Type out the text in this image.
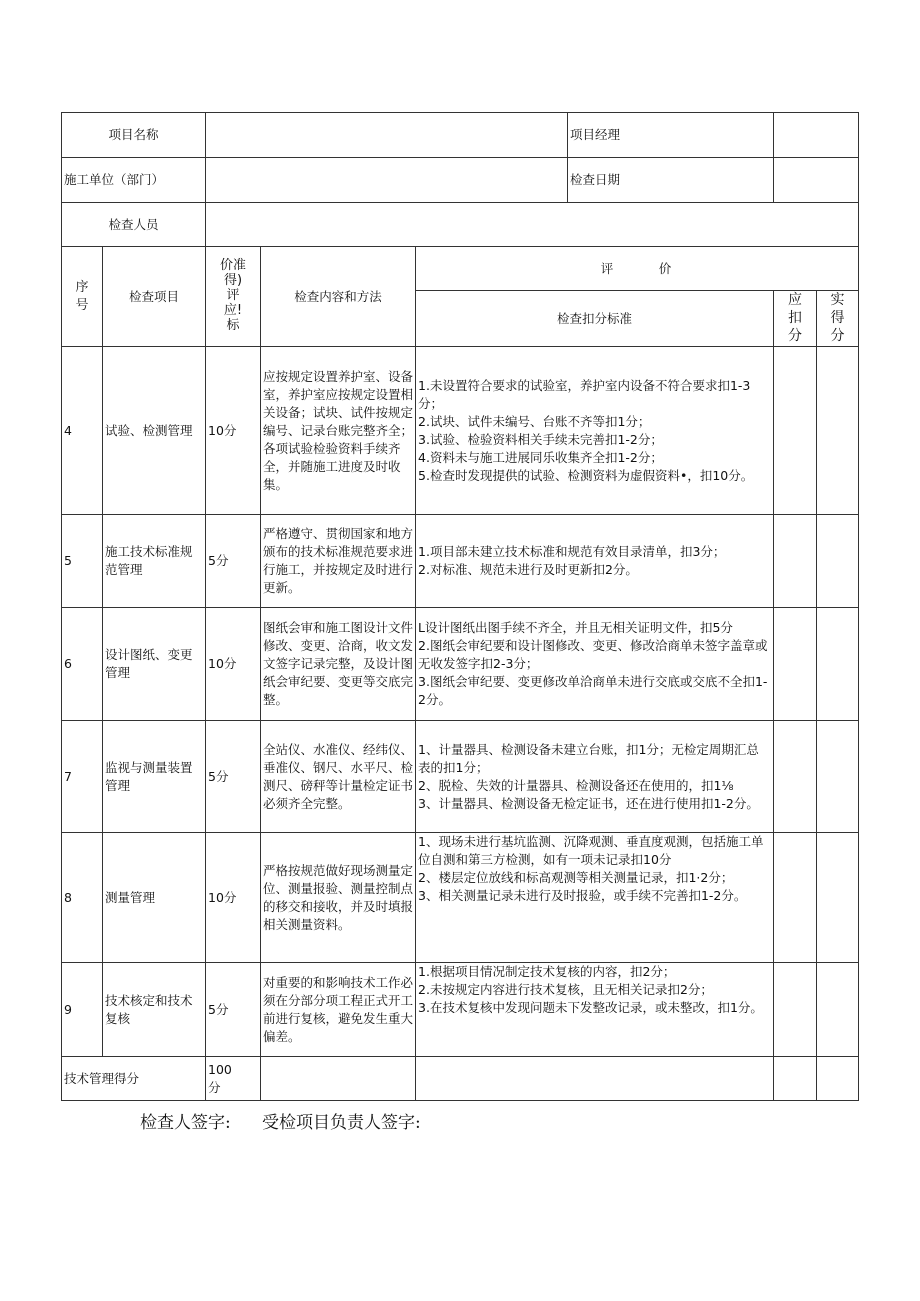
项目名称					项目经理		
施工单位（部门）					检查日期		
检查人员							
序号	检查项目	价准得)评应!标	检查内容和方法	评　　　价			
				检查扣分标准		应扣分	实得分
4	试验、检测管理	10分	应按规定设置养护室、设备室，养护室应按规定设置相关设备；试块、试件按规定编号、记录台账完整齐全；各项试验检验资料手续齐全，并随施工进度及时收集。	1.未设置符合要求的试验室，养护室内设备不符合要求扣1-3分；
2.试块、试件未编号、台账不齐等扣1分；
3.试验、检验资料相关手续未完善扣1-2分；
4.资料未与施工进展同乐收集齐全扣1-2分；
5.检查时发现提供的试验、检测资料为虚假资料•，扣10分。			
5	施工技术标准规范管理	5分	严格遵守、贯彻国家和地方颁布的技术标准规范要求进行施工，并按规定及时进行更新。	1.项目部未建立技术标准和规范有效目录清单，扣3分；
2.对标准、规范未进行及时更新扣2分。			
6	设计图纸、变更管理	10分	图纸会审和施工图设计文件修改、变更、洽商，收文发文签字记录完整，及设计图纸会审纪要、变更等交底完整。	L设计图纸出图手续不齐全，并且无相关证明文件，扣5分
2.图纸会审纪要和设计图修改、变更、修改洽商单未签字盖章或无收发签字扣2-3分；
3.图纸会审纪要、变更修改单洽商单未进行交底或交底不全扣1-2分。			
7	监视与测量装置管理	5分	全站仪、水准仪、经纬仪、垂准仪、钢尺、水平尺、检测尺、磅秤等计量检定证书必须齐全完整。	1、计量器具、检测设备未建立台账，扣1分；无检定周期汇总表的扣1分；
2、脱检、失效的计量器具、检测设备还在使用的，扣1⅛
3、计量器具、检测设备无检定证书，还在进行使用扣1-2分。			
8	测量管理	10分	严格按规范做好现场测量定位、测量报验、测量控制点的移交和接收，并及时填报相关测量资料。	1、现场未进行基坑监测、沉降观测、垂直度观测，包括施工单位自测和第三方检测，如有一项未记录扣10分
2、楼层定位放线和标高观测等相关测量记录，扣1·2分；
3、相关测量记录未进行及时报验，或手续不完善扣1-2分。			
9	技术核定和技术复核	5分	对重要的和影响技术工作必须在分部分项工程正式开工前进行复核，避免发生重大偏差。	1.根据项目情况制定技术复核的内容，扣2分；
2.未按规定内容进行技术复核，且无相关记录扣2分；
3.在技术复核中发现问题未下发整改记录，或未整改，扣1分。			
技术管理得分		100分					
检查人签字: 受检项目负责人签字:
